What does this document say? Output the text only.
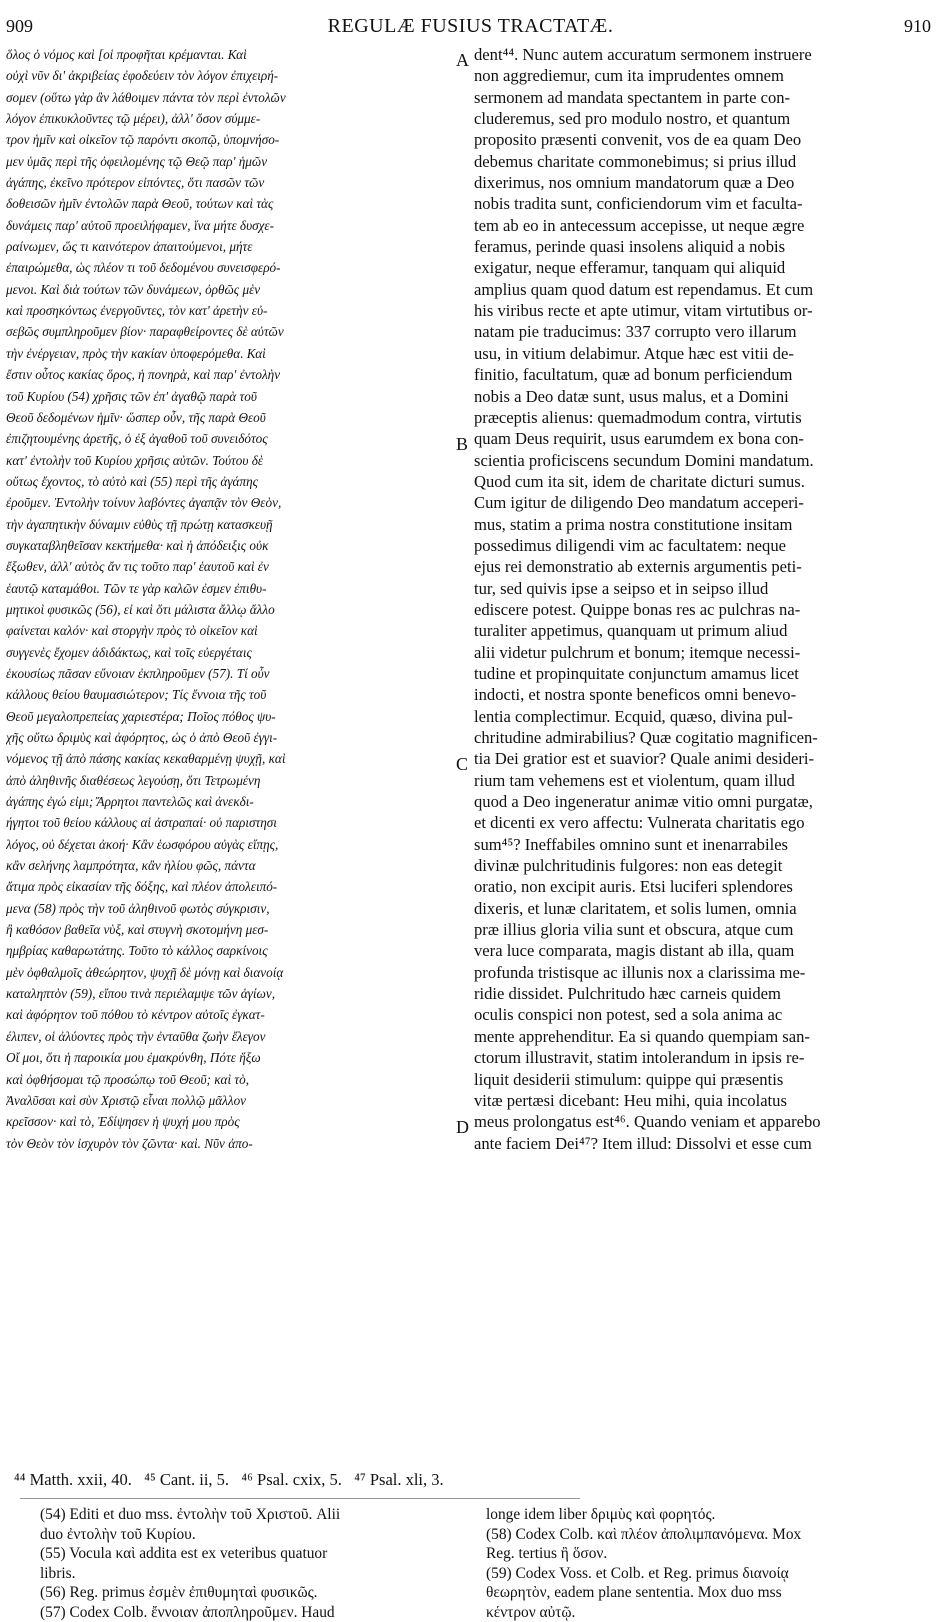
909	REGULÆ FUSIUS TRACTATÆ.	910
ὅλος ὁ νόμος καὶ [οἱ προφῆται κρέμανται. Καὶ
οὐχὶ νῦν δι' ἀκριβείας ἐφοδεύειν τὸν λόγον ἐπιχειρή-
σομεν (οὕτω γὰρ ἂν λάθοιμεν πάντα τὸν περὶ ἐντολῶν
λόγον ἐπικυκλοῦντες τῷ μέρει), ἀλλ' ὅσον σύμμε-
τρον ἡμῖν καὶ οἰκεῖον τῷ παρόντι σκοπῷ, ὑπομνήσο-
μεν ὑμᾶς περὶ τῆς ὀφειλομένης τῷ Θεῷ παρ' ἡμῶν
ἀγάπης, ἐκεῖνο πρότερον εἰπόντες, ὅτι πασῶν τῶν
δοθεισῶν ἡμῖν ἐντολῶν παρὰ Θεοῦ, τούτων καὶ τὰς
δυνάμεις παρ' αὐτοῦ προειλήφαμεν, ἵνα μήτε δυσχε-
ραίνωμεν, ὥς τι καινότερον ἀπαιτούμενοι, μήτε
ἐπαιρώμεθα, ὡς πλέον τι τοῦ δεδομένου συνεισφερό-
μενοι. Καὶ διὰ τούτων τῶν δυνάμεων, ὀρθῶς μὲν
καὶ προσηκόντως ἐνεργοῦντες, τὸν κατ' ἀρετὴν εὐ-
σεβῶς συμπληροῦμεν βίον· παραφθείροντες δὲ αὐτῶν
τὴν ἐνέργειαν, πρὸς τὴν κακίαν ὑποφερόμεθα. Καὶ
ἔστιν οὗτος κακίας ὅρος, ἡ πονηρὰ, καὶ παρ' ἐντολὴν
τοῦ Κυρίου (54) χρῆσις τῶν ἐπ' ἀγαθῷ παρὰ τοῦ
Θεοῦ δεδομένων ἡμῖν· ὥσπερ οὖν, τῆς παρὰ Θεοῦ
ἐπιζητουμένης ἀρετῆς, ὁ ἐξ ἀγαθοῦ τοῦ συνειδότος
κατ' ἐντολὴν τοῦ Κυρίου χρῆσις αὐτῶν. Τούτου δὲ
οὕτως ἔχοντος, τὸ αὐτὸ καὶ (55) περὶ τῆς ἀγάπης
ἐροῦμεν. Ἐντολὴν τοίνυν λαβόντες ἀγαπᾷν τὸν Θεὸν,
τὴν ἀγαπητικὴν δύναμιν εὐθὺς τῇ πρώτῃ κατασκευῇ
συγκαταβληθεῖσαν κεκτήμεθα· καὶ ἡ ἀπόδειξις οὐκ
ἔξωθεν, ἀλλ' αὐτὸς ἄν τις τοῦτο παρ' ἑαυτοῦ καὶ ἐν
ἑαυτῷ καταμάθοι. Τῶν τε γὰρ καλῶν ἐσμεν ἐπιθυ-
μητικοὶ φυσικῶς (56), εἰ καὶ ὅτι μάλιστα ἄλλῳ ἄλλο
φαίνεται καλόν· καὶ στοργὴν πρὸς τὸ οἰκεῖον καὶ
συγγενὲς ἔχομεν ἀδιδάκτως, καὶ τοῖς εὐεργέταις
ἑκουσίως πᾶσαν εὔνοιαν ἐκπληροῦμεν (57). Τί οὖν
κάλλους θείου θαυμασιώτερον; Τίς ἔννοια τῆς τοῦ
Θεοῦ μεγαλοπρεπείας χαριεστέρα; Ποῖος πόθος ψυ-
χῆς οὕτω δριμὺς καὶ ἀφόρητος, ὡς ὁ ἀπὸ Θεοῦ ἐγγι-
νόμενος τῇ ἀπὸ πάσης κακίας κεκαθαρμένῃ ψυχῇ, καὶ
ἀπὸ ἀληθινῆς διαθέσεως λεγούσῃ, ὅτι Τετρωμένη
ἀγάπης ἐγώ εἰμι; Ἄρρητοι παντελῶς καὶ ἀνεκδι-
ήγητοι τοῦ θείου κάλλους αἱ ἀστραπαί· οὐ παριστησι
λόγος, οὐ δέχεται ἀκοή· Κἂν ἑωσφόρου αὐγὰς εἴπῃς,
κἂν σελήνης λαμπρότητα, κἂν ἡλίου φῶς, πάντα
ἄτιμα πρὸς εἰκασίαν τῆς δόξης, καὶ πλέον ἀπολειπό-
μενα (58) πρὸς τὴν τοῦ ἀληθινοῦ φωτὸς σύγκρισιν,
ἢ καθόσον βαθεῖα νὺξ, καὶ στυγνὴ σκοτομήνη μεσ-
ημβρίας καθαρωτάτης. Τοῦτο τὸ κάλλος σαρκίνοις
μὲν ὀφθαλμοῖς ἀθεώρητον, ψυχῇ δὲ μόνῃ καὶ διανοίᾳ
καταληπτὸν (59), εἴπου τινὰ περιέλαμψε τῶν ἁγίων,
καὶ ἀφόρητον τοῦ πόθου τὸ κέντρον αὐτοῖς ἐγκατ-
έλιπεν, οἱ ἀλύοντες πρὸς τὴν ἐνταῦθα ζωὴν ἔλεγον
Οἴ μοι, ὅτι ἡ παροικία μου ἐμακρύνθη, Πότε ἥξω
καὶ ὀφθήσομαι τῷ προσώπῳ τοῦ Θεοῦ; καὶ τὸ,
Ἀναλῦσαι καὶ σὺν Χριστῷ εἶναι πολλῷ μᾶλλον
κρεῖσσον· καὶ τὸ, Ἐδίψησεν ἡ ψυχή μου πρὸς
τὸν Θεὸν τὸν ἰσχυρὸν τὸν ζῶντα· καὶ. Νῦν ἀπο-
dent⁴⁴. Nunc autem accuratum sermonem instruere
non aggrediemur, cum ita imprudentes omnem
sermonem ad mandata spectantem in parte con-
cluderemus, sed pro modulo nostro, et quantum
proposito præsenti convenit, vos de ea quam Deo
debemus charitate commonebimus; si prius illud
dixerimus, nos omnium mandatorum quæ a Deo
nobis tradita sunt, conficiendorum vim et faculta-
tem ab eo in antecessum accepisse, ut neque ægre
feramus, perinde quasi insolens aliquid a nobis
exigatur, neque efferamur, tanquam qui aliquid
amplius quam quod datum est rependamus. Et cum
his viribus recte et apte utimur, vitam virtutibus or-
natam pie traducimus: 337 corrupto vero illarum
usu, in vitium delabimur. Atque hæc est vitii de-
finitio, facultatum, quæ ad bonum perficiendum
nobis a Deo datæ sunt, usus malus, et a Domini
præceptis alienus: quemadmodum contra, virtutis
quam Deus requirit, usus earumdem ex bona con-
scientia proficiscens secundum Domini mandatum.
Quod cum ita sit, idem de charitate dicturi sumus.
Cum igitur de diligendo Deo mandatum acceperi-
mus, statim a prima nostra constitutione insitam
possedimus diligendi vim ac facultatem: neque
ejus rei demonstratio ab externis argumentis peti-
tur, sed quivis ipse a seipso et in seipso illud
ediscere potest. Quippe bonas res ac pulchras na-
turaliter appetimus, quanquam ut primum aliud
alii videtur pulchrum et bonum; itemque necessi-
tudine et propinquitate conjunctum amamus licet
indocti, et nostra sponte beneficos omni benevo-
lentia complectimur. Ecquid, quæso, divina pul-
chritudine admirabilius? Quæ cogitatio magnificen-
tia Dei gratior est et suavior? Quale animi desideri-
rium tam vehemens est et violentum, quam illud
quod a Deo ingeneratur animæ vitio omni purgatæ,
et dicenti ex vero affectu: Vulnerata charitatis ego
sum⁴⁵? Ineffabiles omnino sunt et inenarrabiles
divinæ pulchritudinis fulgores: non eas detegit
oratio, non excipit auris. Etsi luciferi splendores
dixeris, et lunæ claritatem, et solis lumen, omnia
præ illius gloria vilia sunt et obscura, atque cum
vera luce comparata, magis distant ab illa, quam
profunda tristisque ac illunis nox a clarissima me-
ridie dissidet. Pulchritudo hæc carneis quidem
oculis conspici non potest, sed a sola anima ac
mente apprehenditur. Ea si quando quempiam san-
ctorum illustravit, statim intolerandum in ipsis re-
liquit desiderii stimulum: quippe qui præsentis
vitæ pertæsi dicebant: Heu mihi, quia incolatus
meus prolongatus est⁴⁶. Quando veniam et apparebo
ante faciem Dei⁴⁷? Item illud: Dissolvi et esse cum
A
B
C
D
⁴⁴ Matth. xxii, 40.   ⁴⁵ Cant. ii, 5.   ⁴⁶ Psal. cxix, 5.   ⁴⁷ Psal. xli, 3.
(54) Editi et duo mss. ἐντολὴν τοῦ Χριστοῦ. Alii
duo ἐντολὴν τοῦ Κυρίου.
(55) Vocula καὶ addita est ex veteribus quatuor
libris.
(56) Reg. primus ἐσμὲν ἐπιθυμηταὶ φυσικῶς.
(57) Codex Colb. ἔννοιαν ἀποπληροῦμεν. Haud
longe idem liber δριμὺς καὶ φορητός.
(58) Codex Colb. καὶ πλέον ἀπολιμπανόμενα. Mox
Reg. tertius ἢ ὅσον.
(59) Codex Voss. et Colb. et Reg. primus διανοίᾳ
θεωρητὸν, eadem plane sententia. Mox duo mss
κέντρον αὐτῷ.
